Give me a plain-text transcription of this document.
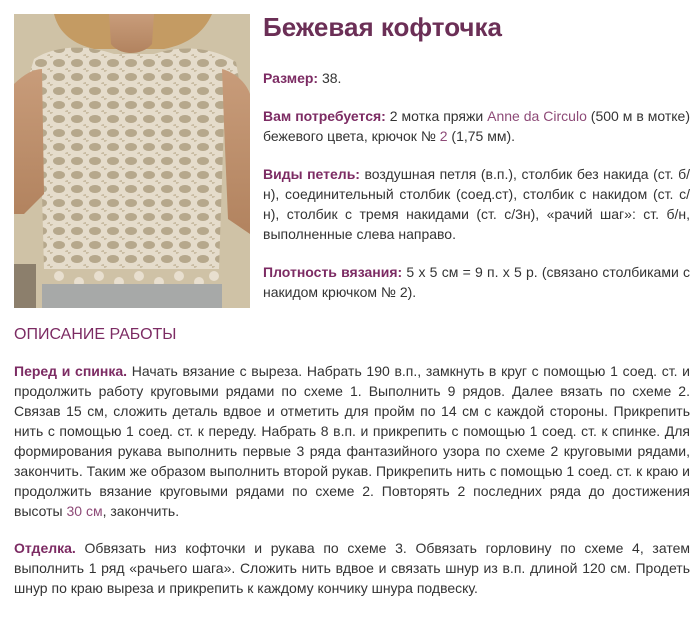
Бежевая кофточка

Размер: 38.

Вам потребуется: 2 мотка пряжи Anne da Circulo (500 м в мотке) бежевого цвета, крючок № 2 (1,75 мм).

Виды петель: воздушная петля (в.п.), столбик без накида (ст. б/н), соединительный столбик (соед.ст), столбик с накидом (ст. с/н), столбик с тремя накидами (ст. с/3н), «рачий шаг»: ст. б/н, выполненные слева направо.

Плотность вязания: 5 х 5 см = 9 п. х 5 р. (связано столбиками с накидом крючком № 2).

ОПИСАНИЕ РАБОТЫ

Перед и спинка. Начать вязание с выреза. Набрать 190 в.п., замкнуть в круг с помощью 1 соед. ст. и продолжить работу круговыми рядами по схеме 1. Выполнить 9 рядов. Далее вязать по схеме 2. Связав 15 см, сложить деталь вдвое и отметить для пройм по 14 см с каждой стороны. Прикрепить нить с помощью 1 соед. ст. к переду. Набрать 8 в.п. и прикрепить с помощью 1 соед. ст. к спинке. Для формирования рукава выполнить первые 3 ряда фантазийного узора по схеме 2 круговыми рядами, закончить. Таким же образом выполнить второй рукав. Прикрепить нить с помощью 1 соед. ст. к краю и продолжить вязание круговыми рядами по схеме 2. Повторять 2 последних ряда до достижения высоты 30 см, закончить.

Отделка. Обвязать низ кофточки и рукава по схеме 3. Обвязать горловину по схеме 4, затем выполнить 1 ряд «рачьего шага». Сложить нить вдвое и связать шнур из в.п. длиной 120 см. Продеть шнур по краю выреза и прикрепить к каждому кончику шнура подвеску.
